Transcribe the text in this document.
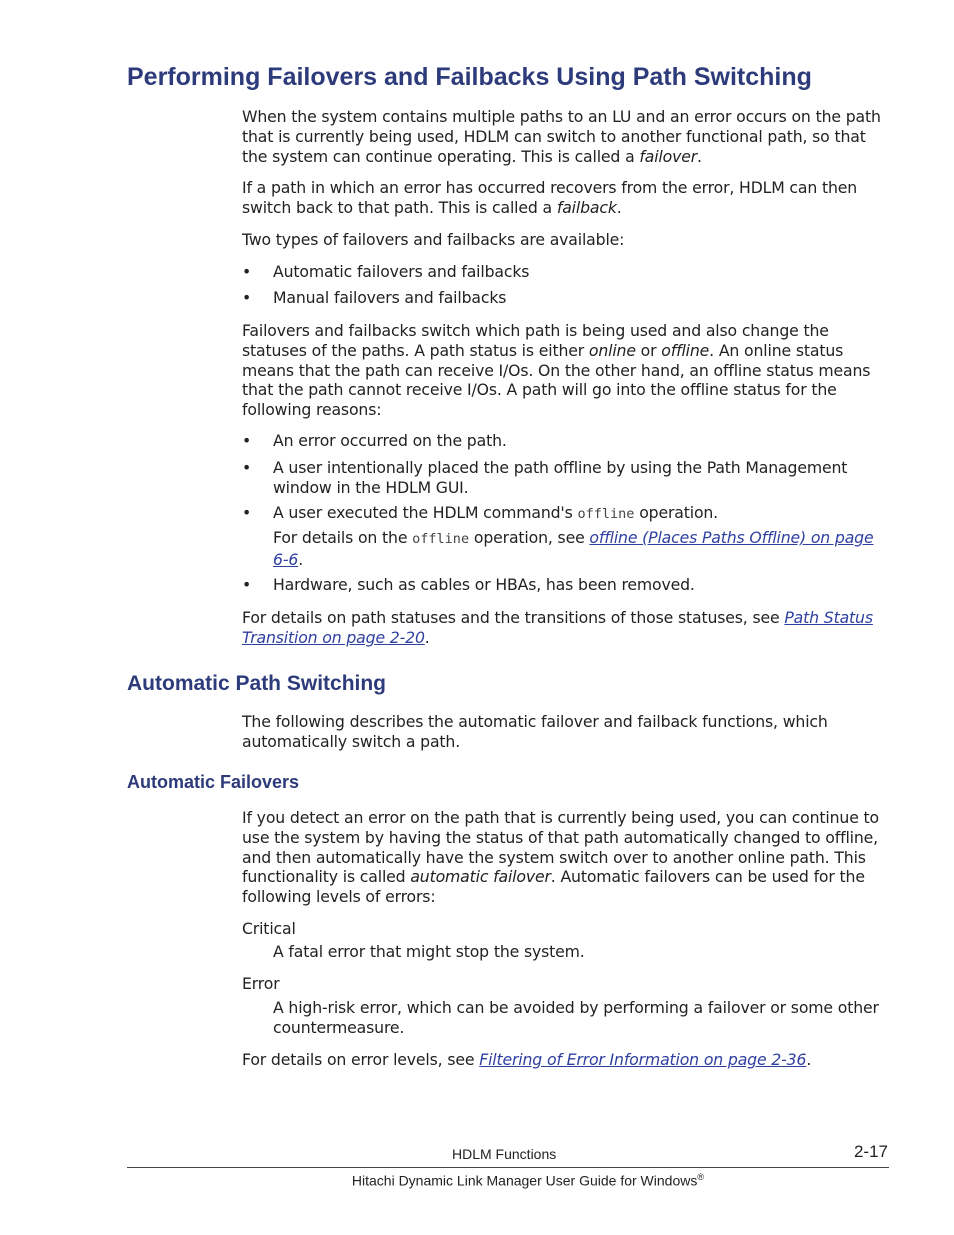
Performing Failovers and Failbacks Using Path Switching

When the system contains multiple paths to an LU and an error occurs on the path that is currently being used, HDLM can switch to another functional path, so that the system can continue operating. This is called a failover.

If a path in which an error has occurred recovers from the error, HDLM can then switch back to that path. This is called a failback.

Two types of failovers and failbacks are available:

• Automatic failovers and failbacks
• Manual failovers and failbacks

Failovers and failbacks switch which path is being used and also change the statuses of the paths. A path status is either online or offline. An online status means that the path can receive I/Os. On the other hand, an offline status means that the path cannot receive I/Os. A path will go into the offline status for the following reasons:

• An error occurred on the path.
• A user intentionally placed the path offline by using the Path Management window in the HDLM GUI.
• A user executed the HDLM command's offline operation.

For details on the offline operation, see offline (Places Paths Offline) on page 6-6.

• Hardware, such as cables or HBAs, has been removed.

For details on path statuses and the transitions of those statuses, see Path Status Transition on page 2-20.

Automatic Path Switching

The following describes the automatic failover and failback functions, which automatically switch a path.

Automatic Failovers

If you detect an error on the path that is currently being used, you can continue to use the system by having the status of that path automatically changed to offline, and then automatically have the system switch over to another online path. This functionality is called automatic failover. Automatic failovers can be used for the following levels of errors:

Critical

A fatal error that might stop the system.

Error

A high-risk error, which can be avoided by performing a failover or some other countermeasure.

For details on error levels, see Filtering of Error Information on page 2-36.

HDLM Functions	2-17
Hitachi Dynamic Link Manager User Guide for Windows®
